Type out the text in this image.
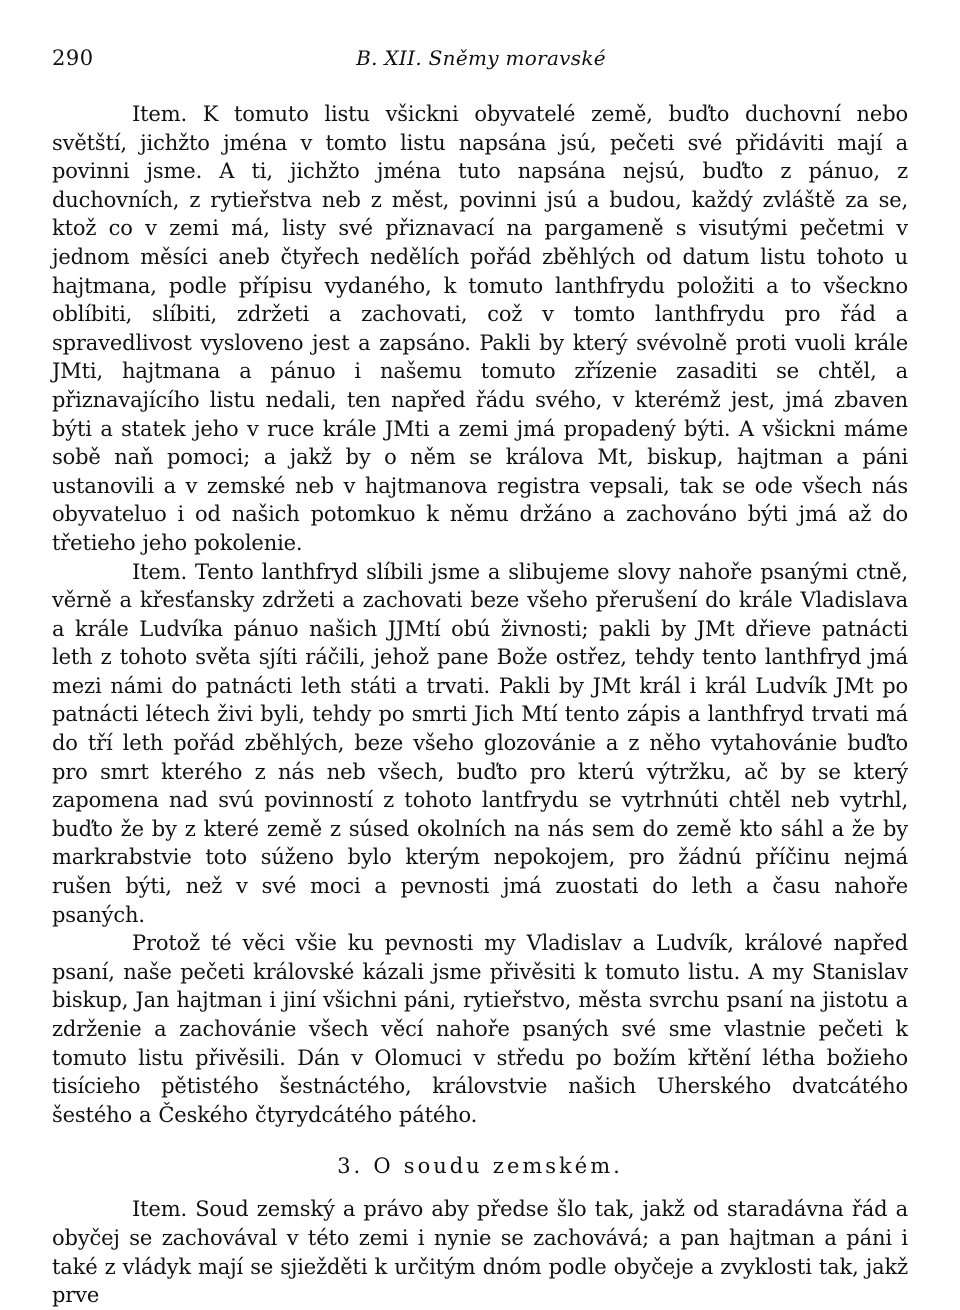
290	B. XII. Sněmy moravské

Item. K tomuto listu všickni obyvatelé země, buďto duchovní nebo světští, jichžto jména v tomto listu napsána jsú, pečeti své přidáviti mají a povinni jsme. A ti, jichžto jména tuto napsána nejsú, buďto z pánuo, z duchovních, z rytieřstva neb z měst, povinni jsú a budou, každý zvláště za se, ktož co v zemi má, listy své přiznavací na pargameně s visutými pečetmi v jednom měsíci aneb čtyřech nedělích pořád zběhlých od datum listu tohoto u hajtmana, podle přípisu vydaného, k tomuto lanthfrydu položiti a to všeckno oblíbiti, slíbiti, zdržeti a zachovati, což v tomto lanthfrydu pro řád a spravedlivost vysloveno jest a zapsáno. Pakli by který svévolně proti vuoli krále JMti, hajtmana a pánuo i našemu tomuto zřízenie zasaditi se chtěl, a přiznavajícího listu nedali, ten napřed řádu svého, v kterémž jest, jmá zbaven býti a statek jeho v ruce krále JMti a zemi jmá propadený býti. A všickni máme sobě naň pomoci; a jakž by o něm se králova Mt, biskup, hajtman a páni ustanovili a v zemské neb v hajtmanova registra vepsali, tak se ode všech nás obyvateluo i od našich potomkuo k němu držáno a zachováno býti jmá až do třetieho jeho pokolenie.

Item. Tento lanthfryd slíbili jsme a slibujeme slovy nahoře psanými ctně, věrně a křesťansky zdržeti a zachovati beze všeho přerušení do krále Vladislava a krále Ludvíka pánuo našich JJMtí obú živnosti; pakli by JMt dřieve patnácti leth z tohoto světa sjíti ráčili, jehož pane Bože ostřez, tehdy tento lanthfryd jmá mezi námi do patnácti leth státi a trvati. Pakli by JMt král i král Ludvík JMt po patnácti létech živi byli, tehdy po smrti Jich Mtí tento zápis a lanthfryd trvati má do tří leth pořád zběhlých, beze všeho glozovánie a z něho vytahovánie buďto pro smrt kterého z nás neb všech, buďto pro kterú výtržku, ač by se který zapomena nad svú povinností z tohoto lantfrydu se vytrhnúti chtěl neb vytrhl, buďto že by z které země z súsed okolních na nás sem do země kto sáhl a že by markrabstvie toto súženo bylo kterým nepokojem, pro žádnú příčinu nejmá rušen býti, než v své moci a pevnosti jmá zuostati do leth a času nahoře psaných.

Protož té věci všie ku pevnosti my Vladislav a Ludvík, králové napřed psaní, naše pečeti královské kázali jsme přivěsiti k tomuto listu. A my Stanislav biskup, Jan hajtman i jiní všichni páni, rytieřstvo, města svrchu psaní na jistotu a zdrženie a zachovánie všech věcí nahoře psaných své sme vlastnie pečeti k tomuto listu přivěsili. Dán v Olomuci v středu po božím křtění létha božieho tisícieho pětistého šestnáctého, královstvie našich Uherského dvatcátého šestého a Českého čtyrydcátého pátého.

3. O soudu zemském.

Item. Soud zemský a právo aby předse šlo tak, jakž od staradávna řád a obyčej se zachovával v této zemi i nynie se zachovává; a pan hajtman a páni i také z vládyk mají se sjiežděti k určitým dnóm podle obyčeje a zvyklosti tak, jakž prve
